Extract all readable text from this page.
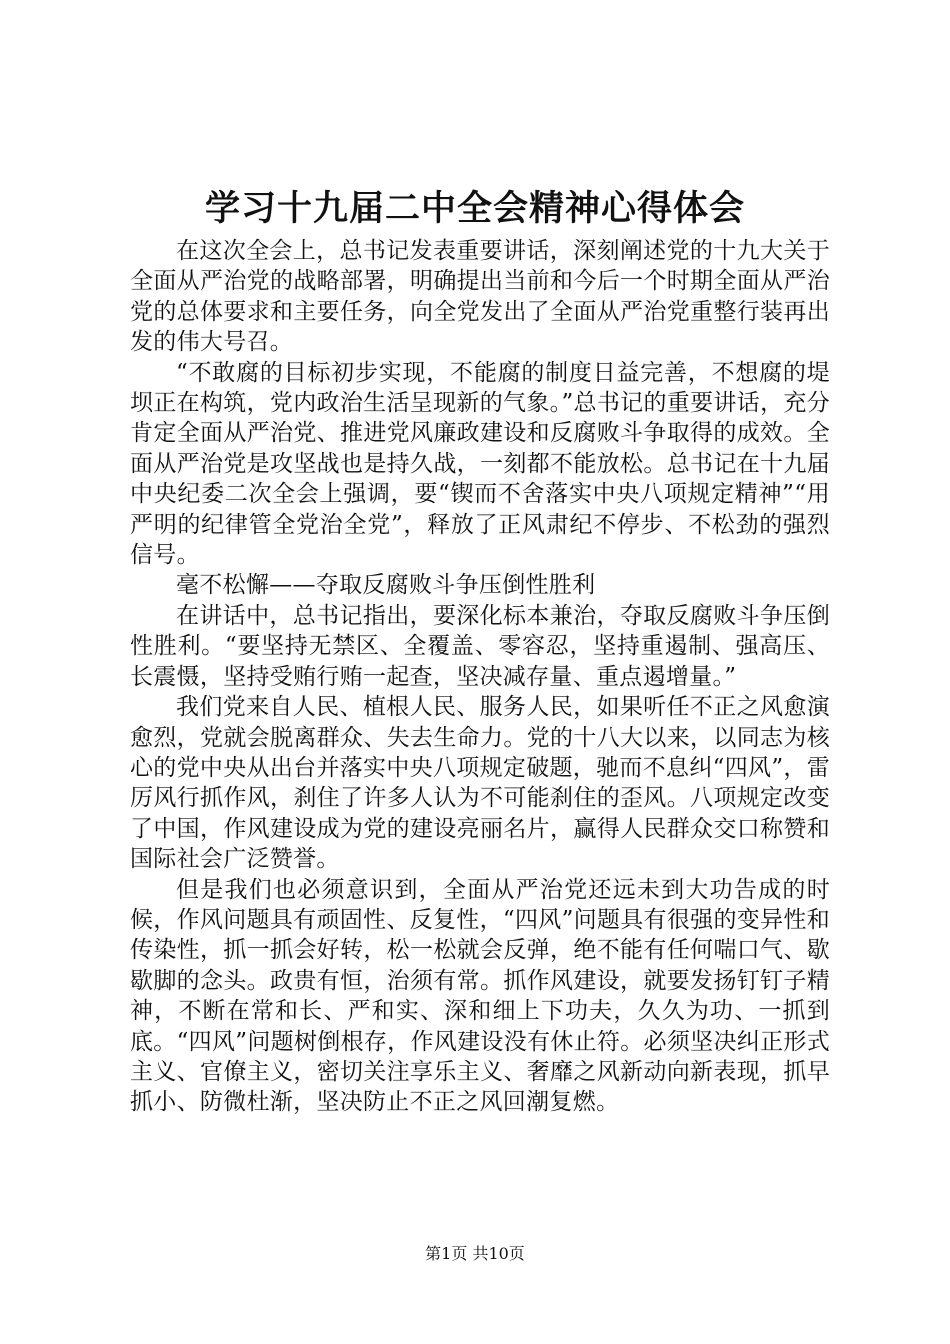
学习十九届二中全会精神心得体会

在这次全会上，总书记发表重要讲话，深刻阐述党的十九大关于全面从严治党的战略部署，明确提出当前和今后一个时期全面从严治党的总体要求和主要任务，向全党发出了全面从严治党重整行装再出发的伟大号召。

“不敢腐的目标初步实现，不能腐的制度日益完善，不想腐的堤坝正在构筑，党内政治生活呈现新的气象。”总书记的重要讲话，充分肯定全面从严治党、推进党风廉政建设和反腐败斗争取得的成效。全面从严治党是攻坚战也是持久战，一刻都不能放松。总书记在十九届中央纪委二次全会上强调，要“锲而不舍落实中央八项规定精神”“用严明的纪律管全党治全党”，释放了正风肃纪不停步、不松劲的强烈信号。

毫不松懈——夺取反腐败斗争压倒性胜利

在讲话中，总书记指出，要深化标本兼治，夺取反腐败斗争压倒性胜利。“要坚持无禁区、全覆盖、零容忍，坚持重遏制、强高压、长震慑，坚持受贿行贿一起查，坚决减存量、重点遏增量。”

我们党来自人民、植根人民、服务人民，如果听任不正之风愈演愈烈，党就会脱离群众、失去生命力。党的十八大以来，以同志为核心的党中央从出台并落实中央八项规定破题，驰而不息纠“四风”，雷厉风行抓作风，刹住了许多人认为不可能刹住的歪风。八项规定改变了中国，作风建设成为党的建设亮丽名片，赢得人民群众交口称赞和国际社会广泛赞誉。

但是我们也必须意识到，全面从严治党还远未到大功告成的时候，作风问题具有顽固性、反复性，“四风”问题具有很强的变异性和传染性，抓一抓会好转，松一松就会反弹，绝不能有任何喘口气、歇歇脚的念头。政贵有恒，治须有常。抓作风建设，就要发扬钉钉子精神，不断在常和长、严和实、深和细上下功夫，久久为功、一抓到底。“四风”问题树倒根存，作风建设没有休止符。必须坚决纠正形式主义、官僚主义，密切关注享乐主义、奢靡之风新动向新表现，抓早抓小、防微杜渐，坚决防止不正之风回潮复燃。

第1页 共10页
